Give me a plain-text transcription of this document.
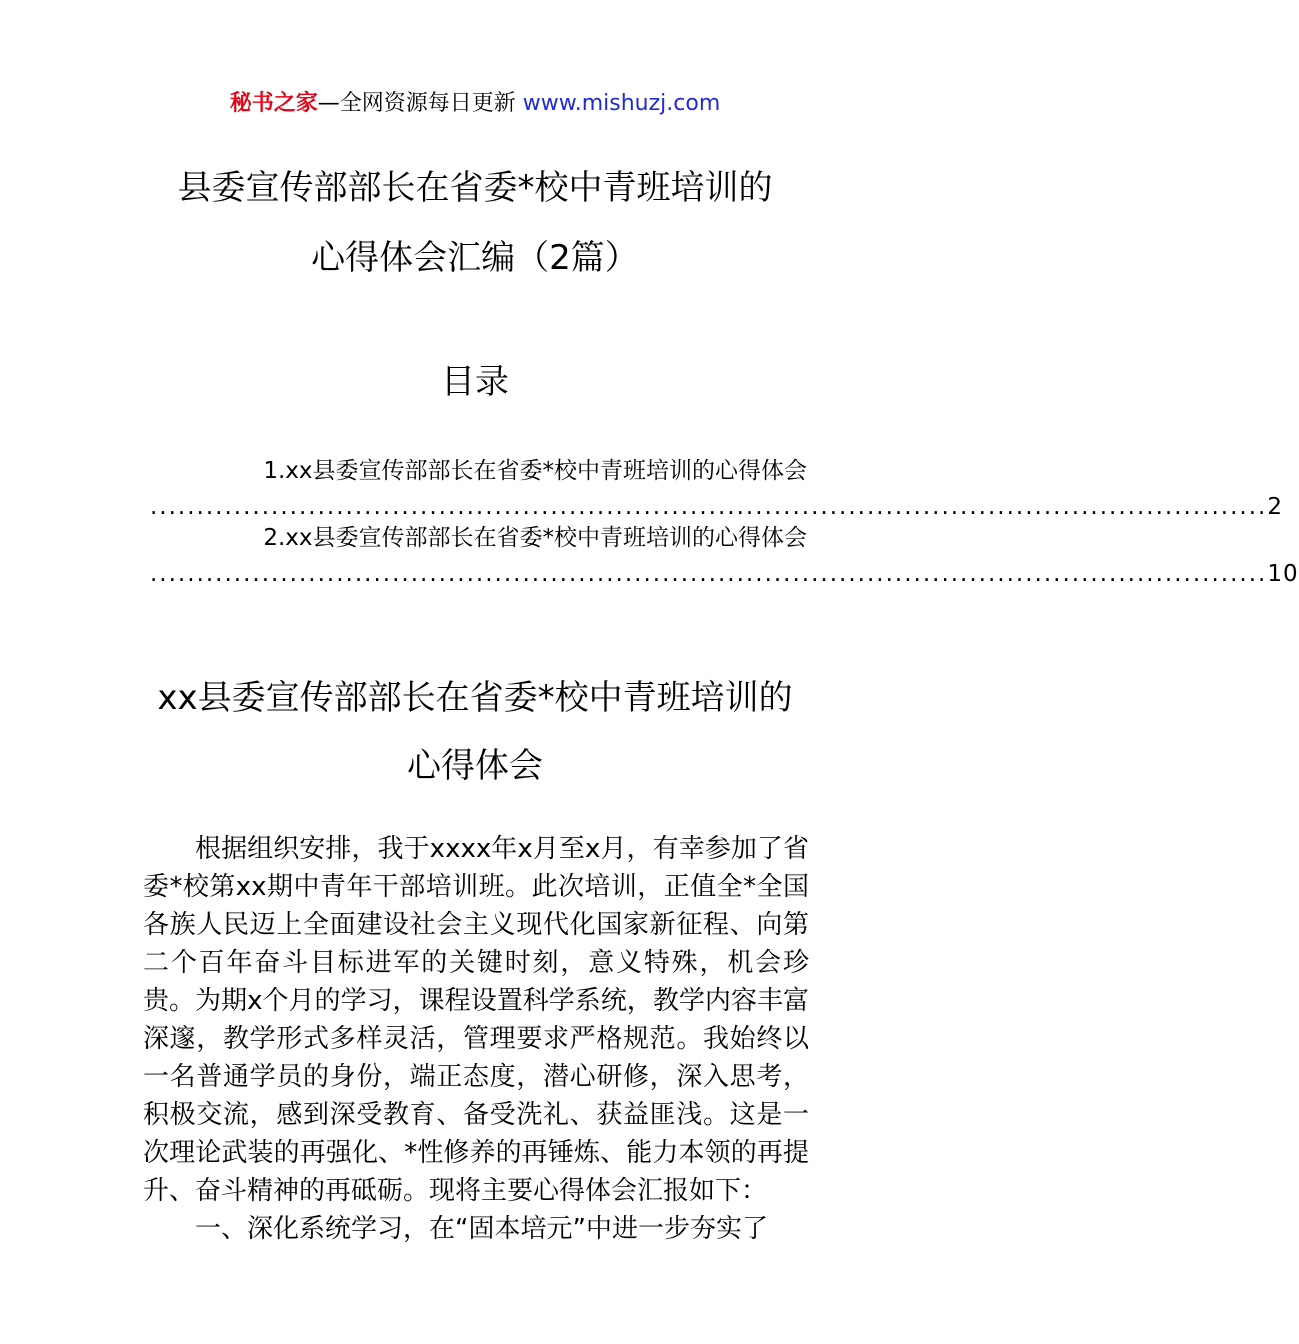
秘书之家—全网资源每日更新 www.mishuzj.com
县委宣传部部长在省委*校中青班培训的
心得体会汇编（2篇）
目录
1.xx县委宣传部部长在省委*校中青班培训的心得体会
........................................................................................................................ 2
2.xx县委宣传部部长在省委*校中青班培训的心得体会
........................................................................................................................ 10
xx县委宣传部部长在省委*校中青班培训的
心得体会
根据组织安排，我于xxxx年x月至x月，有幸参加了省委*校第xx期中青年干部培训班。此次培训，正值全*全国各族人民迈上全面建设社会主义现代化国家新征程、向第二个百年奋斗目标进军的关键时刻，意义特殊，机会珍贵。为期x个月的学习，课程设置科学系统，教学内容丰富深邃，教学形式多样灵活，管理要求严格规范。我始终以一名普通学员的身份，端正态度，潜心研修，深入思考，积极交流，感到深受教育、备受洗礼、获益匪浅。这是一次理论武装的再强化、*性修养的再锤炼、能力本领的再提升、奋斗精神的再砥砺。现将主要心得体会汇报如下：
一、深化系统学习，在“固本培元”中进一步夯实了
